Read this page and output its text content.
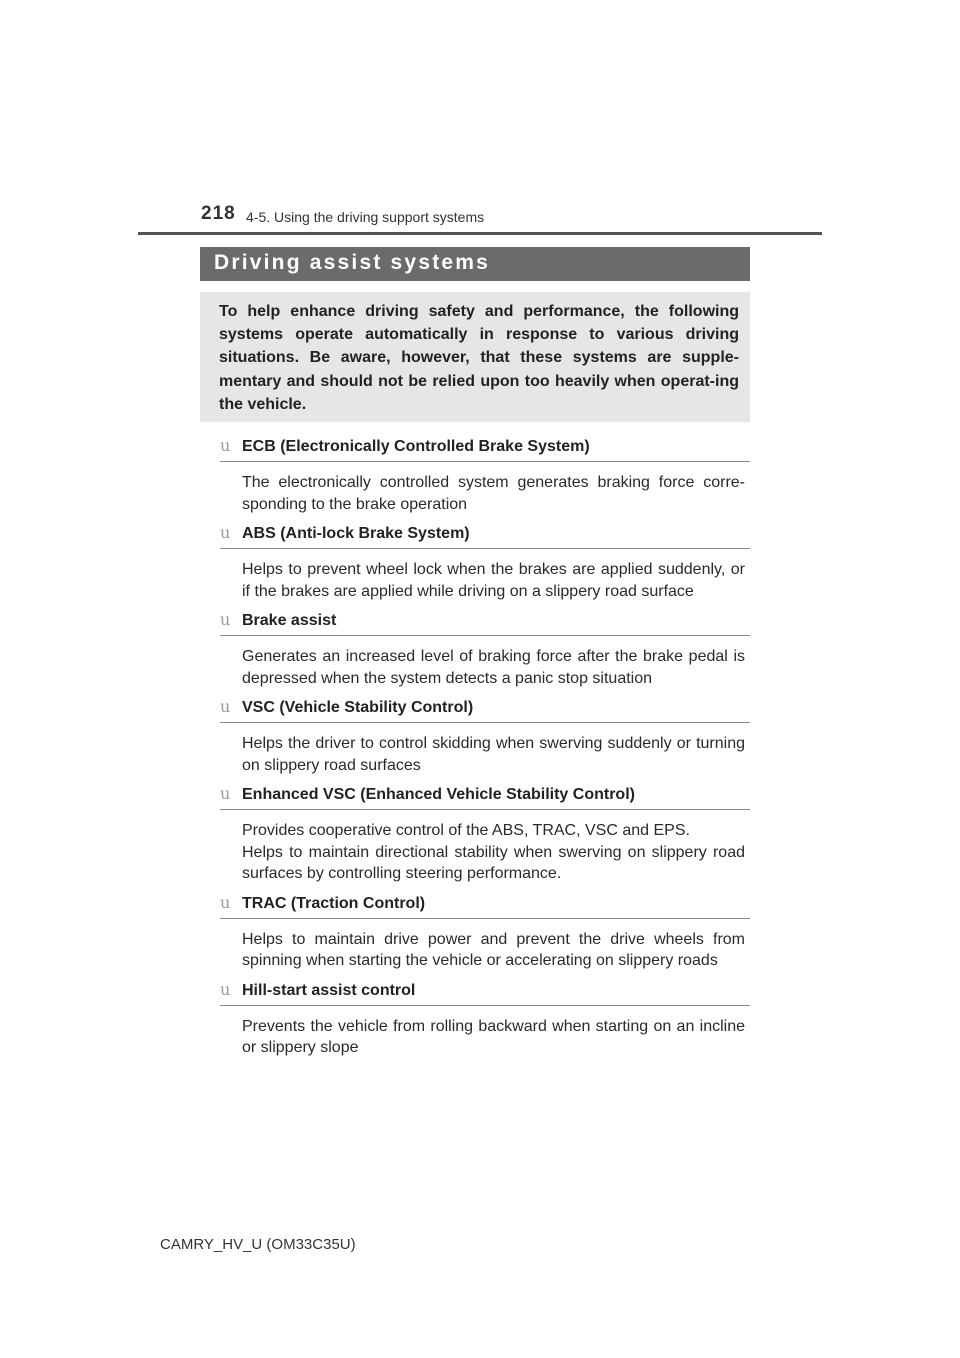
218 4-5. Using the driving support systems
Driving assist systems

To help enhance driving safety and performance, the following systems operate automatically in response to various driving situations. Be aware, however, that these systems are supple-mentary and should not be relied upon too heavily when operat-ing the vehicle.

u ECB (Electronically Controlled Brake System)

The electronically controlled system generates braking force corre-sponding to the brake operation

u ABS (Anti-lock Brake System)

Helps to prevent wheel lock when the brakes are applied suddenly, or if the brakes are applied while driving on a slippery road surface

u Brake assist

Generates an increased level of braking force after the brake pedal is depressed when the system detects a panic stop situation

u VSC (Vehicle Stability Control)

Helps the driver to control skidding when swerving suddenly or turning on slippery road surfaces

u Enhanced VSC (Enhanced Vehicle Stability Control)

Provides cooperative control of the ABS, TRAC, VSC and EPS.
Helps to maintain directional stability when swerving on slippery road surfaces by controlling steering performance.

u TRAC (Traction Control)

Helps to maintain drive power and prevent the drive wheels from spinning when starting the vehicle or accelerating on slippery roads

u Hill-start assist control

Prevents the vehicle from rolling backward when starting on an incline or slippery slope

CAMRY_HV_U (OM33C35U)
